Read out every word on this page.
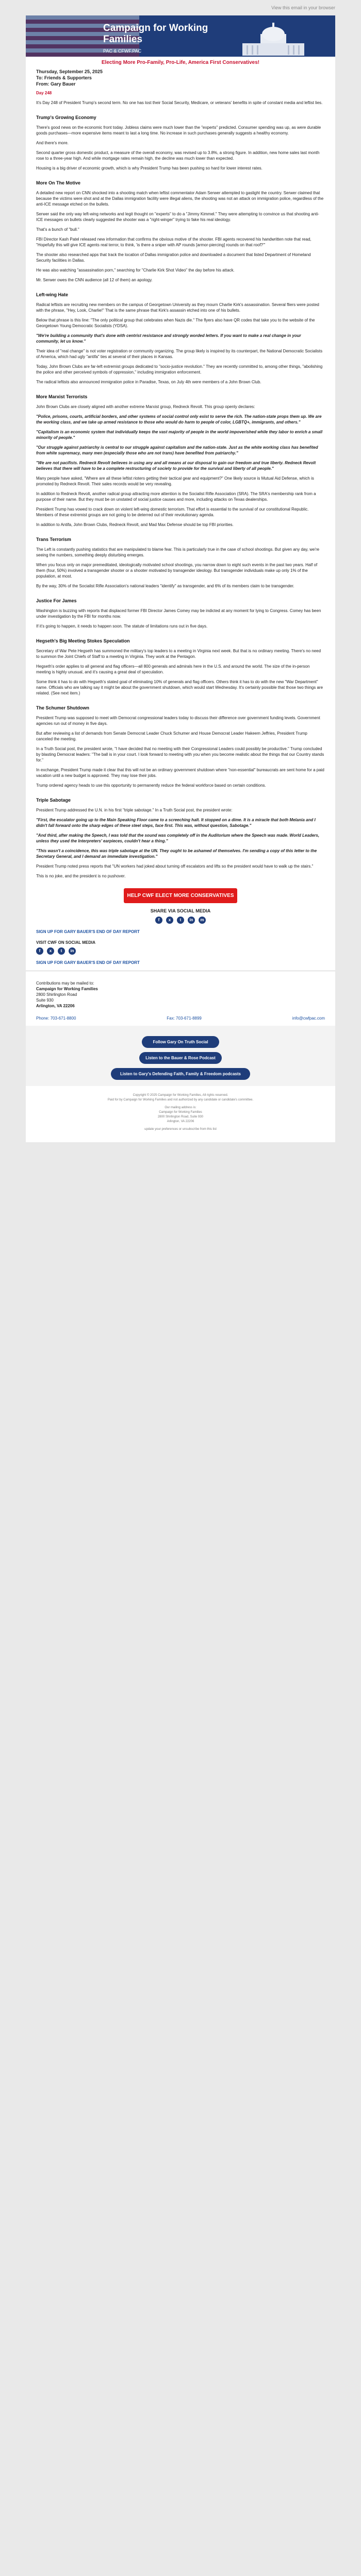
View this email in your browser
Campaign for Working Families
PAC & CFWF.PAC
Electing More Pro-Family, Pro-Life, America First Conservatives!
Thursday, September 25, 2025
To: Friends & Supporters
From: Gary Bauer

Day 248

It's Day 248 of President Trump's second term. No one has lost their Social Security, Medicare, or veterans' benefits in spite of constant media and leftist lies.

Trump's Growing Economy

There's good news on the economic front today. Jobless claims were much lower than the "experts" predicted. Consumer spending was up, as were durable goods purchases—more expensive items meant to last a long time. No increase in such purchases generally suggests a healthy economy.

And there's more.

Second quarter gross domestic product, a measure of the overall economy, was revised up to 3.8%, a strong figure. In addition, new home sales last month rose to a three-year high. And while mortgage rates remain high, the decline was much lower than expected.

Housing is a big driver of economic growth, which is why President Trump has been pushing so hard for lower interest rates.

More On The Motive

A detailed new report on CNN shocked into a shooting match when leftist commentator Adam Serwer attempted to gaslight the country. Serwer claimed that because the victims were shot and at the Dallas immigration facility were illegal aliens, the shooting was not an attack on immigration police, regardless of the anti-ICE message etched on the bullets.

Serwer said the only way left-wing networks and legit thought on "experts" to do a "Jimmy Kimmel." They were attempting to convince us that shooting anti-ICE messages on bullets clearly suggested the shooter was a "right-winger" trying to fake his real ideology.

That's a bunch of "bull."

FBI Director Kash Patel released new information that confirms the obvious motive of the shooter. FBI agents recovered his handwritten note that read, "Hopefully this will give ICE agents real terror, to think, 'is there a sniper with AP rounds [armor-piercing] rounds on that roof?'"

The shooter also researched apps that track the location of Dallas immigration police and downloaded a document that listed Department of Homeland Security facilities in Dallas.

He was also watching "assassination porn," searching for "Charlie Kirk Shot Video" the day before his attack.

Mr. Serwer owes the CNN audience (all 12 of them) an apology.

Left-wing Hate

Radical leftists are recruiting new members on the campus of Georgetown University as they mourn Charlie Kirk's assassination. Several fliers were posted with the phrase, "Hey, Look, Charlie!" That is the same phrase that Kirk's assassin etched into one of his bullets.

Below that phrase is this line: "The only political group that celebrates when Nazis die." The flyers also have QR codes that take you to the website of the Georgetown Young Democratic Socialists (YDSA).

"We're building a community that's done with centrist resistance and strongly worded letters. If you want to make a real change in your community, let us know."

Their idea of "real change" is not voter registration or community organizing. The group likely is inspired by its counterpart, the National Democratic Socialists of America, which had ugly "antifa" ties at several of their places in Kansas.

Today, John Brown Clubs are far-left extremist groups dedicated to "socio-justice revolution." They are recently committed to, among other things, "abolishing the police and other perceived symbols of oppression," including immigration enforcement.

The radical leftists also announced immigration police in Paradise, Texas, on July 4th were members of a John Brown Club.

More Marxist Terrorists

John Brown Clubs are closely aligned with another extreme Marxist group, Redneck Revolt. This group openly declares:

"Police, prisons, courts, artificial borders, and other systems of social control only exist to serve the rich. The nation-state props them up. We are the working class, and we take up armed resistance to those who would do harm to people of color, LGBTQ+, immigrants, and others."

"Capitalism is an economic system that individually keeps the vast majority of people in the world impoverished while they labor to enrich a small minority of people."

"Our struggle against patriarchy is central to our struggle against capitalism and the nation-state. Just as the white working class has benefited from white supremacy, many men (especially those who are not trans) have benefited from patriarchy."

"We are not pacifists. Redneck Revolt believes in using any and all means at our disposal to gain our freedom and true liberty. Redneck Revolt believes that there will have to be a complete restructuring of society to provide for the survival and liberty of all people."

Many people have asked, "Where are all these leftist rioters getting their tactical gear and equipment?" One likely source is Mutual Aid Defense, which is promoted by Redneck Revolt. Their sales records would be very revealing.

In addition to Redneck Revolt, another radical group attracting more attention is the Socialist Rifle Association (SRA). The SRA's membership rank from a purpose of their name. But they must be on unstated of social justice causes and more, including attacks on Texas dealerships.

President Trump has vowed to crack down on violent left-wing domestic terrorism. That effort is essential to the survival of our constitutional Republic. Members of these extremist groups are not going to be deterred out of their revolutionary agenda.

In addition to Antifa, John Brown Clubs, Redneck Revolt, and Mad Max Defense should be top FBI priorities.

Trans Terrorism

The Left is constantly pushing statistics that are manipulated to blame fear. This is particularly true in the case of school shootings. But given any day, we're seeing the numbers, something deeply disturbing emerges.

When you focus only on major premeditated, ideologically motivated school shootings, you narrow down to eight such events in the past two years. Half of them (four, 50%) involved a transgender shooter or a shooter motivated by transgender ideology. But transgender individuals make up only 1% of the population, at most.

By the way, 30% of the Socialist Rifle Association's national leaders "identify" as transgender, and 6% of its members claim to be transgender.

Justice For James

Washington is buzzing with reports that displaced former FBI Director James Comey may be indicted at any moment for lying to Congress. Comey has been under investigation by the FBI for months now.

If it's going to happen, it needs to happen soon. The statute of limitations runs out in five days.

Hegseth's Big Meeting Stokes Speculation

Secretary of War Pete Hegseth has summoned the military's top leaders to a meeting in Virginia next week. But that is no ordinary meeting. There's no need to summon the Joint Chiefs of Staff to a meeting in Virginia. They work at the Pentagon.

Hegseth's order applies to all general and flag officers—all 800 generals and admirals here in the U.S. and around the world. The size of the in-person meeting is highly unusual, and it's causing a great deal of speculation.

Some think it has to do with Hegseth's stated goal of eliminating 10% of generals and flag officers. Others think it has to do with the new "War Department" name. Officials who are talking say it might be about the government shutdown, which would start Wednesday. It's certainly possible that those two things are related. (See next item.)

The Schumer Shutdown

President Trump was supposed to meet with Democrat congressional leaders today to discuss their difference over government funding levels. Government agencies run out of money in five days.

But after reviewing a list of demands from Senate Democrat Leader Chuck Schumer and House Democrat Leader Hakeem Jeffries, President Trump canceled the meeting.

In a Truth Social post, the president wrote, "I have decided that no meeting with their Congressional Leaders could possibly be productive." Trump concluded by blasting Democrat leaders: "The ball is in your court. I look forward to meeting with you when you become realistic about the things that our Country stands for."

In exchange, President Trump made it clear that this will not be an ordinary government shutdown where "non-essential" bureaucrats are sent home for a paid vacation until a new budget is approved. They may lose their jobs.

Trump ordered agency heads to use this opportunity to permanently reduce the federal workforce based on certain conditions.

Triple Sabotage

President Trump addressed the U.N. in his first "triple sabotage." In a Truth Social post, the president wrote:

"First, the escalator going up to the Main Speaking Floor came to a screeching halt. It stopped on a dime. It is a miracle that both Melania and I didn't fall forward onto the sharp edges of these steel steps, face first. This was, without question, Sabotage."

"And third, after making the Speech, I was told that the sound was completely off in the Auditorium where the Speech was made. World Leaders, unless they used the Interpreters' earpieces, couldn't hear a thing."

"This wasn't a coincidence, this was triple sabotage at the UN. They ought to be ashamed of themselves. I'm sending a copy of this letter to the Secretary General, and I demand an immediate investigation."

President Trump noted press reports that "UN workers had joked about turning off escalators and lifts so the president would have to walk up the stairs."

This is no joke, and the president is no pushover.

HELP CWF ELECT MORE CONSERVATIVES
SHARE VIA SOCIAL MEDIA
f	x	t	in	m

SIGN UP FOR GARY BAUER'S END OF DAY REPORT

VISIT CWF ON SOCIAL MEDIA

f	x	t	in

SIGN UP FOR GARY BAUER'S END OF DAY REPORT

Contributions may be mailed to:
Campaign for Working Families
2800 Shirlington Road
Suite 930
Arlington, VA 22206
Phone: 703-671-8800	Fax: 703-671-8899	info@cwfpac.com
Follow Gary On Truth Social
Listen to the Bauer & Rose Podcast
Listen to Gary's Defending Faith, Family & Freedom podcasts
Copyright © 2025 Campaign for Working Families, All rights reserved.
Paid for by Campaign for Working Families and not authorized by any candidate or candidate's committee.
Our mailing address is:
Campaign for Working Families
2800 Shirlington Road, Suite 930
Arlington, VA 22206
update your preferences or unsubscribe from this list
